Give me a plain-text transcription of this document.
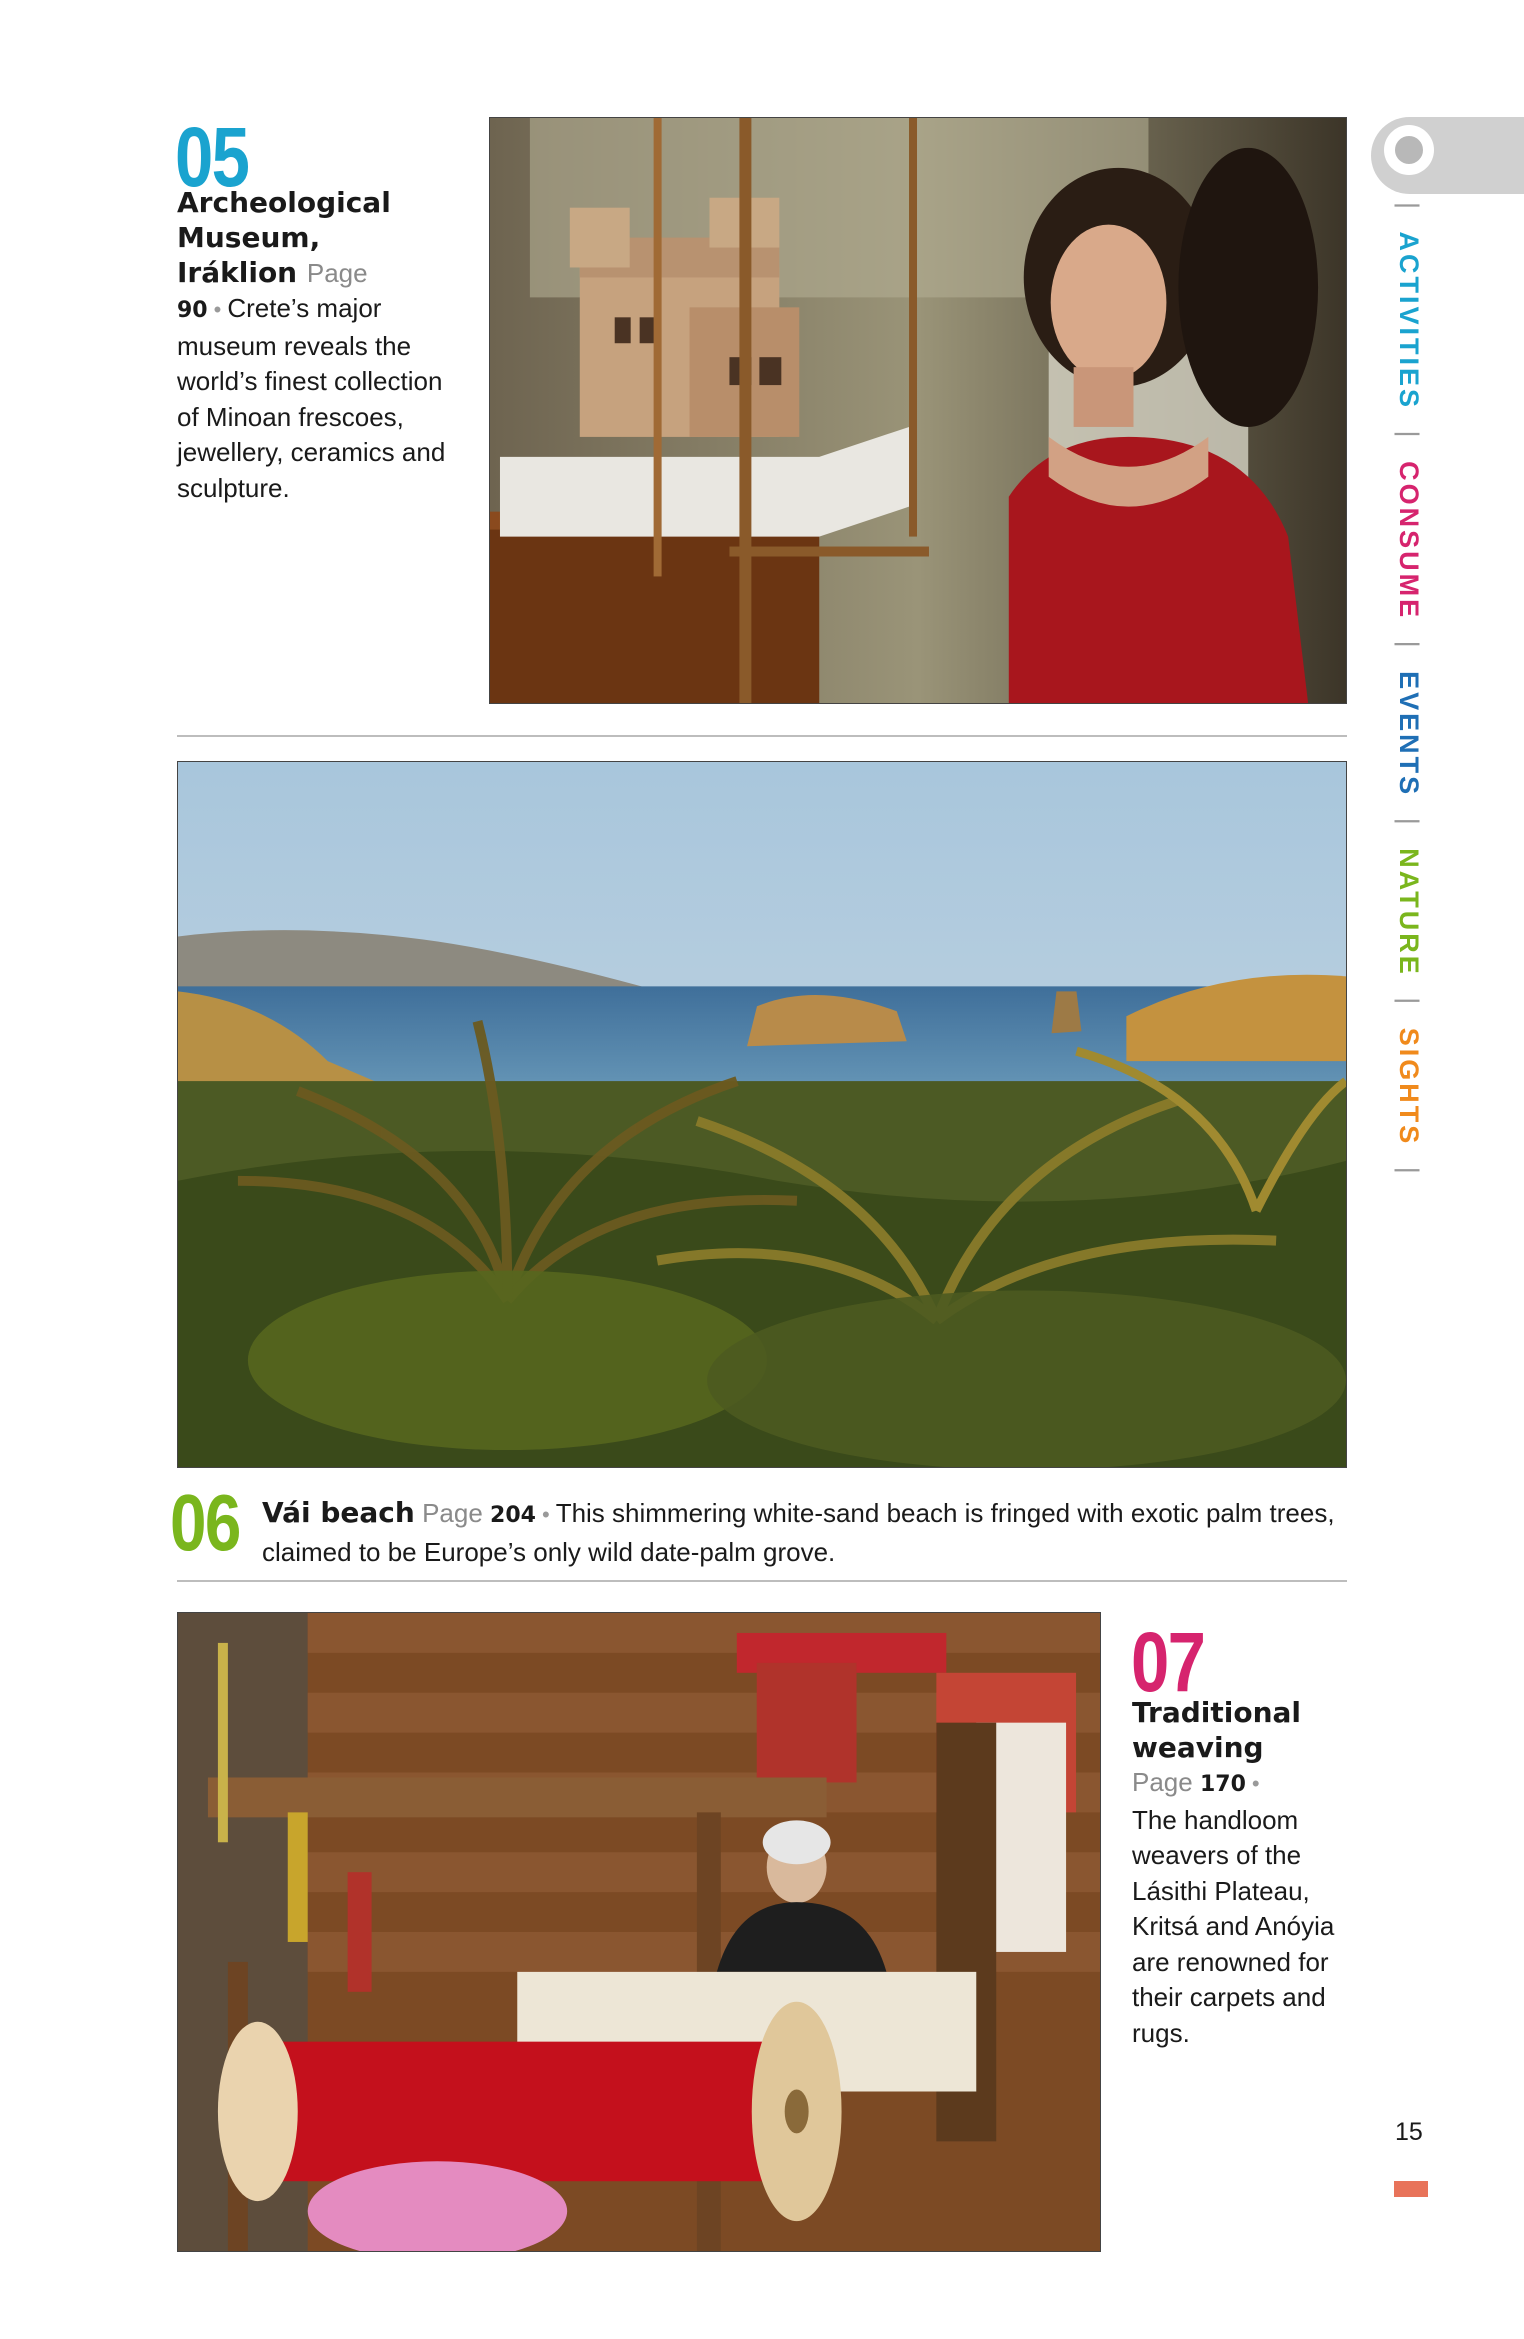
05
Archeological Museum, Iráklion Page
90 • Crete’s major museum reveals the world’s finest collection of Minoan frescoes, jewellery, ceramics and sculpture.
06 Vái beach Page 204 • This shimmering white-sand beach is fringed with exotic palm trees, claimed to be Europe’s only wild date-palm grove.
07
Traditional weaving
Page 170 •
The handloom weavers of the Lásithi Plateau, Kritsá and Anóyia are renowned for their carpets and rugs.
| ACTIVITIES | CONSUME | EVENTS | NATURE | SIGHTS |
15
